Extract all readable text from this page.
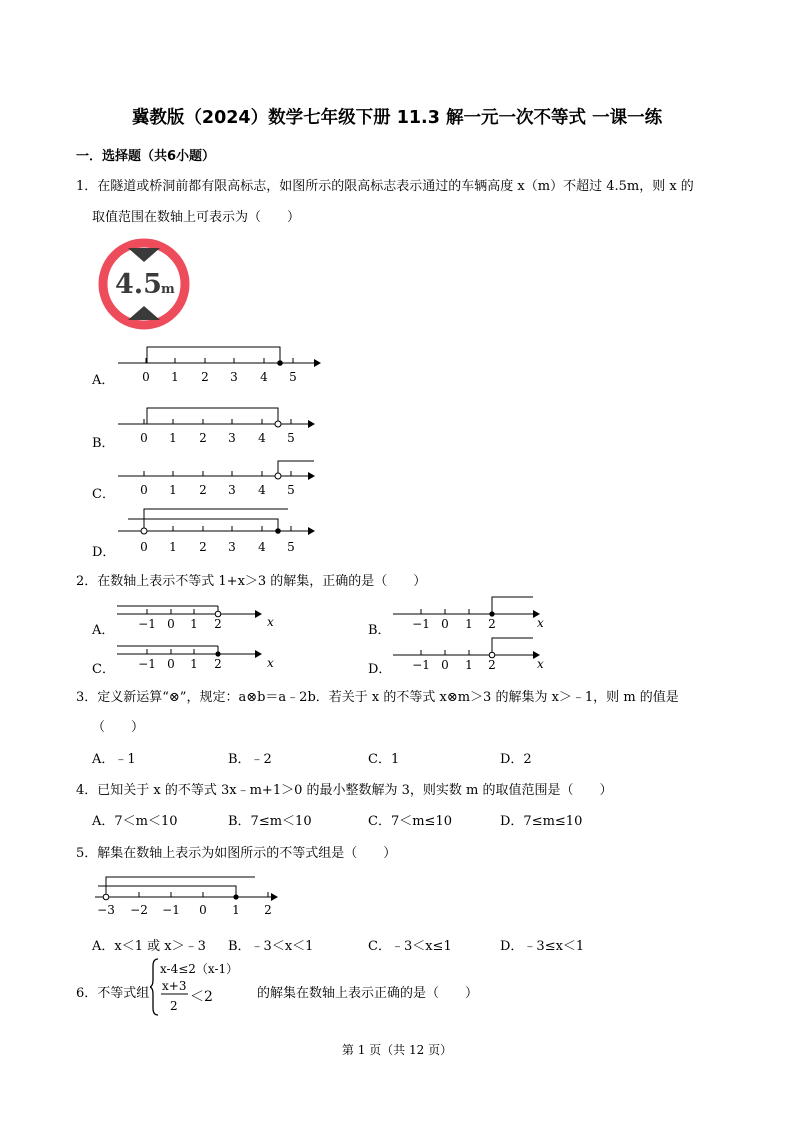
冀教版（2024）数学七年级下册 11.3 解一元一次不等式 一课一练
一．选择题（共6小题）
1．在隧道或桥洞前都有限高标志，如图所示的限高标志表示通过的车辆高度 x（m）不超过 4.5m，则 x 的
取值范围在数轴上可表示为（　　）
4.5 m
A． 0 1 2 3 4 5
B． 0 1 2 3 4 5
C． 0 1 2 3 4 5
D． 0 1 2 3 4 5
2．在数轴上表示不等式 1+x＞3 的解集，正确的是（　　）
A． −1 0 1 2	x
B． −1 0 1 2	x
C． −1 0 1 2	x	D． −1 0 1 2	x
3．定义新运算“⊗”，规定：a⊗b＝a﹣2b．若关于 x 的不等式 x⊗m＞3 的解集为 x＞﹣1，则 m 的值是
（　　）
A．﹣1	B．﹣2	C．1	D．2
4．已知关于 x 的不等式 3x﹣m+1＞0 的最小整数解为 3，则实数 m 的取值范围是（　　）
A．7＜m＜10	B．7≤m＜10	C．7＜m≤10	D．7≤m≤10
5．解集在数轴上表示为如图所示的不等式组是（　　）
−3 −2 −1 0 1 2
A．x＜1 或 x＞﹣3 B．﹣3＜x＜1	C．﹣3＜x≤1	D．﹣3≤x＜1
6．不等式组
x-4≤2（x-1）
x+3
2
＜2	的解集在数轴上表示正确的是（　　）
第 1 页（共 12 页）
